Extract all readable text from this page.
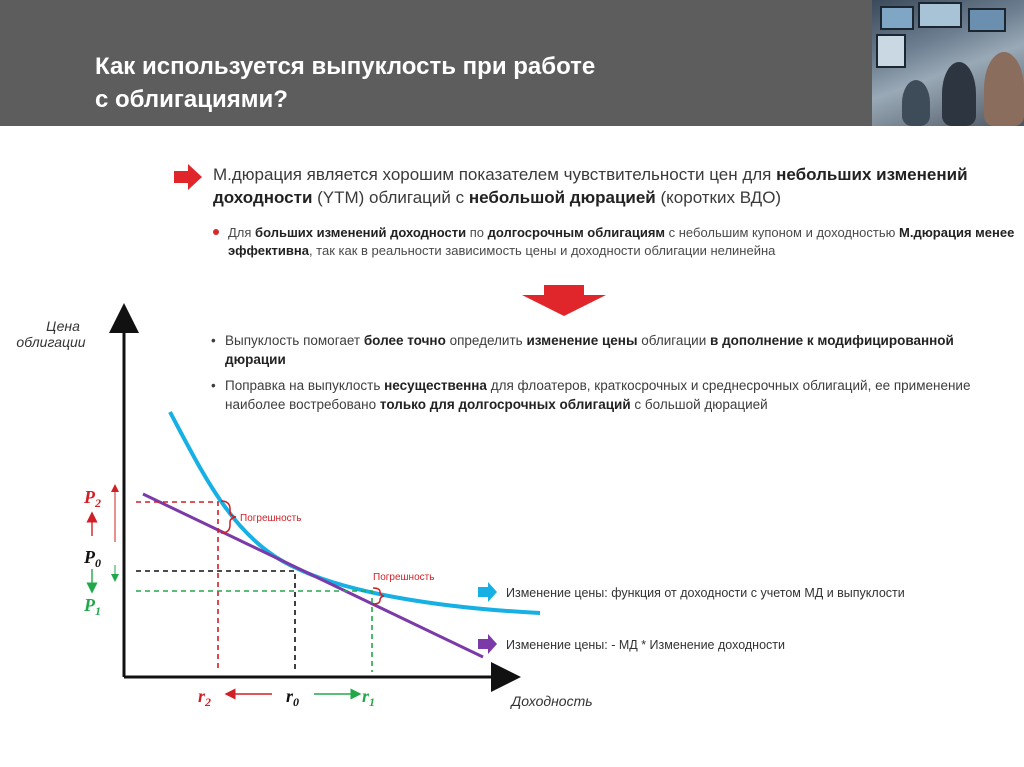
Как используется выпуклость при работе
с облигациями?
М.дюрация является хорошим показателем чувствительности цен для небольших изменений доходности (YTM) облигаций с небольшой дюрацией (коротких ВДО)
Для больших изменений доходности по долгосрочным облигациям с небольшим купоном и доходностью М.дюрация менее эффективна, так как в реальности зависимость цены и доходности облигации нелинейна
• Выпуклость помогает более точно определить изменение цены облигации в дополнение к модифицированной дюрации
• Поправка на выпуклость несущественна для флоатеров, краткосрочных и среднесрочных облигаций, ее применение наиболее востребовано только для долгосрочных облигаций с большой дюрацией
Цена
облигации
Доходность
Погрешность
Погрешность
$P_2$
$P_0$
$P_1$
$r_2$	$r_0$	$r_1$
Изменение цены: функция от доходности с учетом МД и выпуклости
Изменение цены: - МД * Изменение доходности
